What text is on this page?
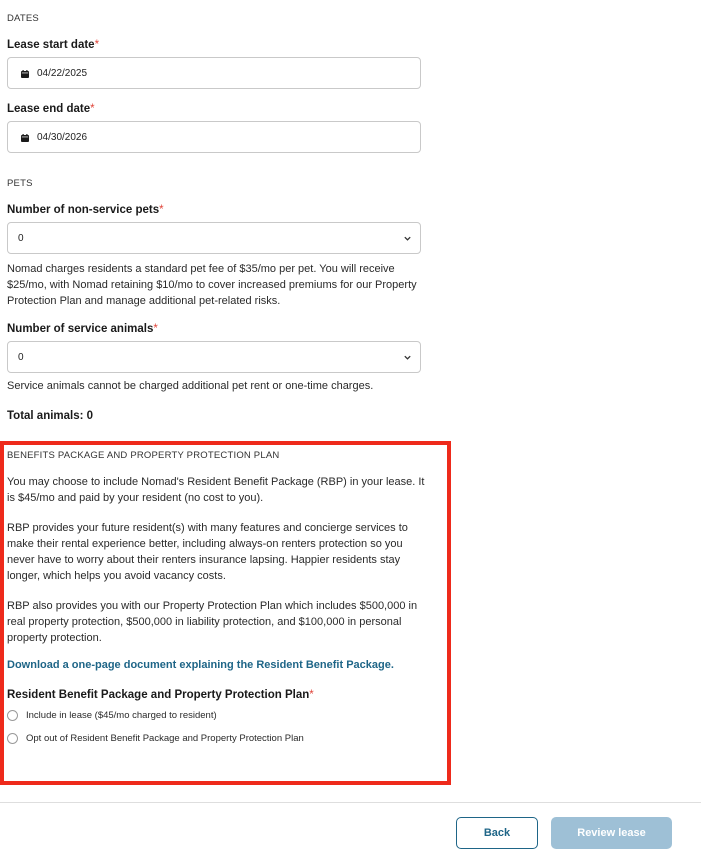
DATES
Lease start date*
04/22/2025
Lease end date*
04/30/2026
PETS
Number of non-service pets*
0
Nomad charges residents a standard pet fee of $35/mo per pet. You will receive $25/mo, with Nomad retaining $10/mo to cover increased premiums for our Property Protection Plan and manage additional pet-related risks.
Number of service animals*
0
Service animals cannot be charged additional pet rent or one-time charges.
Total animals: 0
BENEFITS PACKAGE AND PROPERTY PROTECTION PLAN
You may choose to include Nomad's Resident Benefit Package (RBP) in your lease. It is $45/mo and paid by your resident (no cost to you).
RBP provides your future resident(s) with many features and concierge services to make their rental experience better, including always-on renters protection so you never have to worry about their renters insurance lapsing. Happier residents stay longer, which helps you avoid vacancy costs.
RBP also provides you with our Property Protection Plan which includes $500,000 in real property protection, $500,000 in liability protection, and $100,000 in personal property protection.
Download a one-page document explaining the Resident Benefit Package.
Resident Benefit Package and Property Protection Plan*
Include in lease ($45/mo charged to resident)
Opt out of Resident Benefit Package and Property Protection Plan
Back	Review lease
